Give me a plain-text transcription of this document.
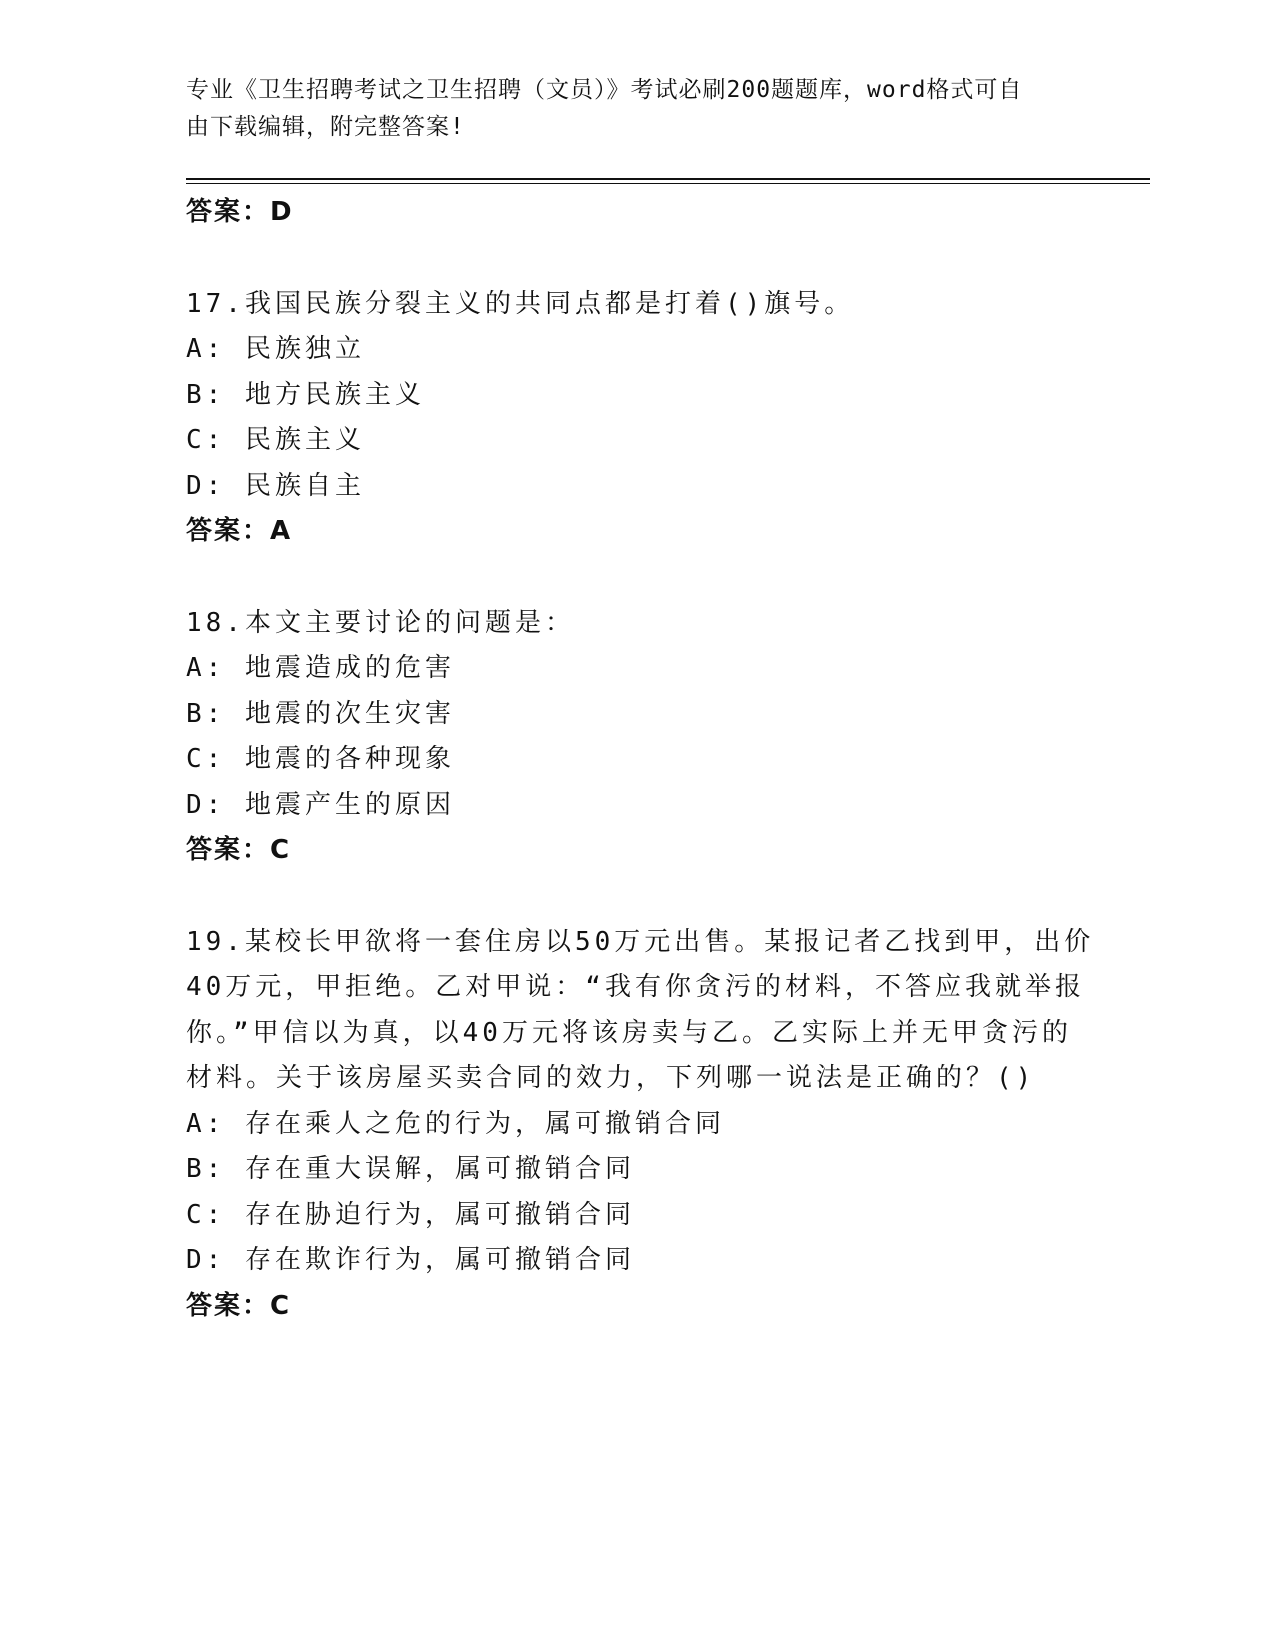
专业《卫生招聘考试之卫生招聘（文员）》考试必刷200题题库，word格式可自
由下载编辑，附完整答案!
答案：D
17.我国民族分裂主义的共同点都是打着()旗号。
A: 民族独立
B: 地方民族主义
C: 民族主义
D: 民族自主
答案：A
18.本文主要讨论的问题是：
A: 地震造成的危害
B: 地震的次生灾害
C: 地震的各种现象
D: 地震产生的原因
答案：C
19.某校长甲欲将一套住房以50万元出售。某报记者乙找到甲，出价
40万元，甲拒绝。乙对甲说：“我有你贪污的材料，不答应我就举报
你。”甲信以为真，以40万元将该房卖与乙。乙实际上并无甲贪污的
材料。关于该房屋买卖合同的效力，下列哪一说法是正确的？()
A: 存在乘人之危的行为，属可撤销合同
B: 存在重大误解，属可撤销合同
C: 存在胁迫行为，属可撤销合同
D: 存在欺诈行为，属可撤销合同
答案：C
